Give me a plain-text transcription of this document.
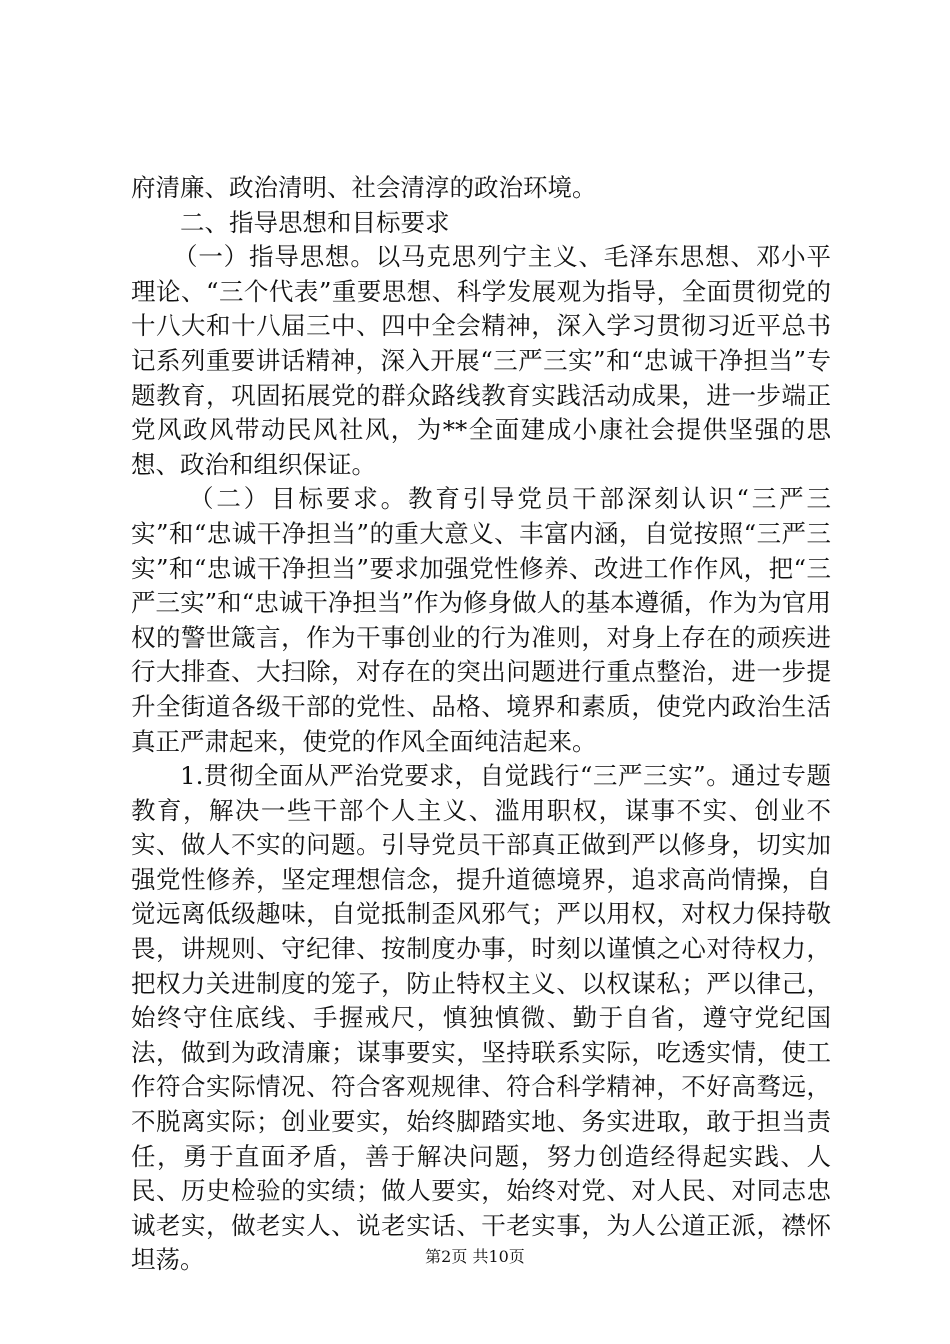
府清廉、政治清明、社会清淳的政治环境。

二、指导思想和目标要求

（一）指导思想。以马克思列宁主义、毛泽东思想、邓小平理论、“三个代表”重要思想、科学发展观为指导，全面贯彻党的十八大和十八届三中、四中全会精神，深入学习贯彻习近平总书记系列重要讲话精神，深入开展“三严三实”和“忠诚干净担当”专题教育，巩固拓展党的群众路线教育实践活动成果，进一步端正党风政风带动民风社风，为**全面建成小康社会提供坚强的思想、政治和组织保证。

（二）目标要求。教育引导党员干部深刻认识“三严三实”和“忠诚干净担当”的重大意义、丰富内涵，自觉按照“三严三实”和“忠诚干净担当”要求加强党性修养、改进工作作风，把“三严三实”和“忠诚干净担当”作为修身做人的基本遵循，作为为官用权的警世箴言，作为干事创业的行为准则，对身上存在的顽疾进行大排查、大扫除，对存在的突出问题进行重点整治，进一步提升全街道各级干部的党性、品格、境界和素质，使党内政治生活真正严肃起来，使党的作风全面纯洁起来。

1.贯彻全面从严治党要求，自觉践行“三严三实”。通过专题教育，解决一些干部个人主义、滥用职权，谋事不实、创业不实、做人不实的问题。引导党员干部真正做到严以修身，切实加强党性修养，坚定理想信念，提升道德境界，追求高尚情操，自觉远离低级趣味，自觉抵制歪风邪气；严以用权，对权力保持敬畏，讲规则、守纪律、按制度办事，时刻以谨慎之心对待权力，把权力关进制度的笼子，防止特权主义、以权谋私；严以律己，始终守住底线、手握戒尺，慎独慎微、勤于自省，遵守党纪国法，做到为政清廉；谋事要实，坚持联系实际，吃透实情，使工作符合实际情况、符合客观规律、符合科学精神，不好高骛远，不脱离实际；创业要实，始终脚踏实地、务实进取，敢于担当责任，勇于直面矛盾，善于解决问题，努力创造经得起实践、人民、历史检验的实绩；做人要实，始终对党、对人民、对同志忠诚老实，做老实人、说老实话、干老实事，为人公道正派，襟怀坦荡。	第2页 共10页
